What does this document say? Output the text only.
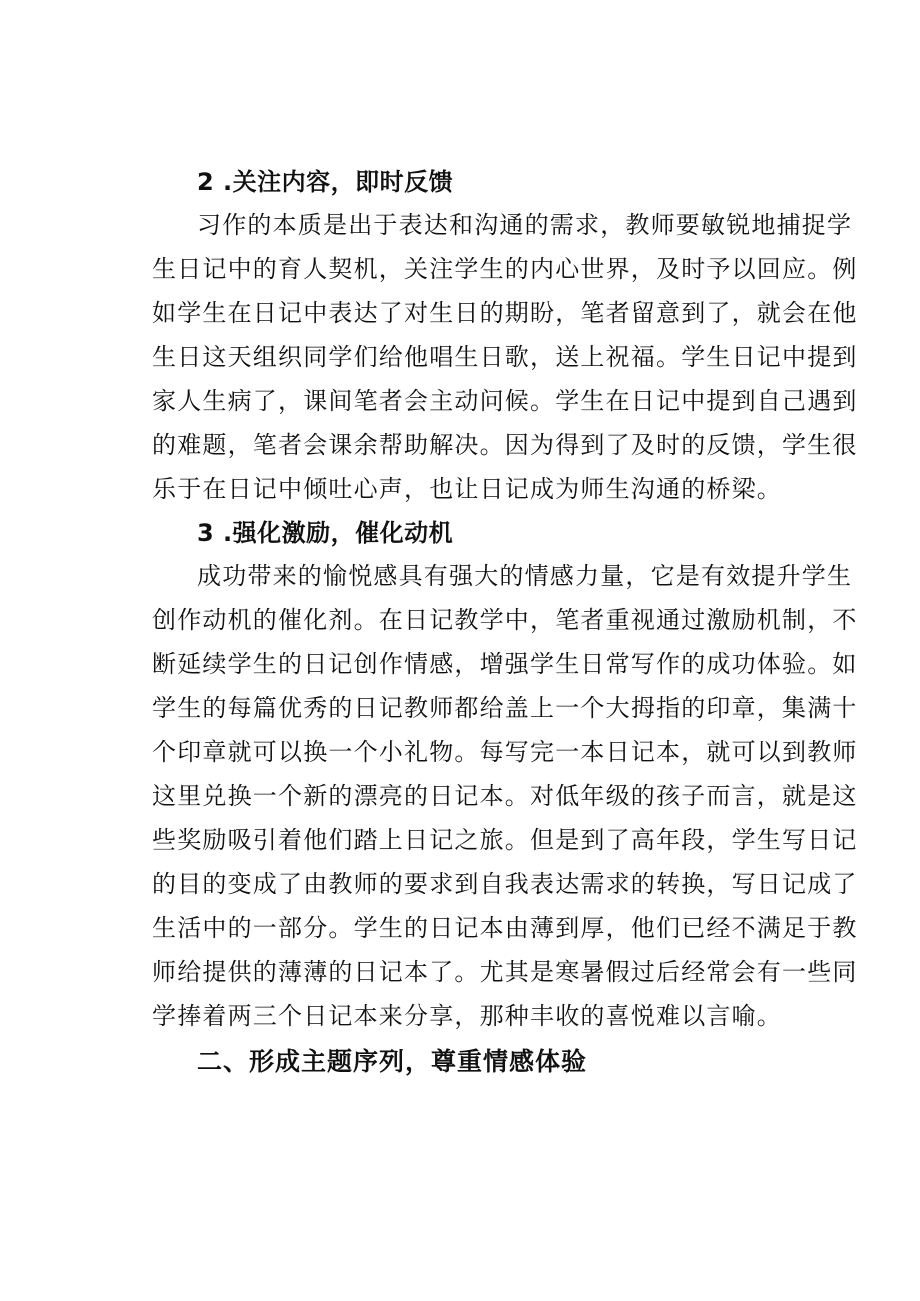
2 .关注内容，即时反馈
习作的本质是出于表达和沟通的需求，教师要敏锐地捕捉学
生日记中的育人契机，关注学生的内心世界，及时予以回应。例
如学生在日记中表达了对生日的期盼，笔者留意到了，就会在他
生日这天组织同学们给他唱生日歌，送上祝福。学生日记中提到
家人生病了，课间笔者会主动问候。学生在日记中提到自己遇到
的难题，笔者会课余帮助解决。因为得到了及时的反馈，学生很
乐于在日记中倾吐心声，也让日记成为师生沟通的桥梁。
3 .强化激励，催化动机
成功带来的愉悦感具有强大的情感力量，它是有效提升学生
创作动机的催化剂。在日记教学中，笔者重视通过激励机制，不
断延续学生的日记创作情感，增强学生日常写作的成功体验。如
学生的每篇优秀的日记教师都给盖上一个大拇指的印章，集满十
个印章就可以换一个小礼物。每写完一本日记本，就可以到教师
这里兑换一个新的漂亮的日记本。对低年级的孩子而言，就是这
些奖励吸引着他们踏上日记之旅。但是到了高年段，学生写日记
的目的变成了由教师的要求到自我表达需求的转换，写日记成了
生活中的一部分。学生的日记本由薄到厚，他们已经不满足于教
师给提供的薄薄的日记本了。尤其是寒暑假过后经常会有一些同
学捧着两三个日记本来分享，那种丰收的喜悦难以言喻。
二、形成主题序列，尊重情感体验
